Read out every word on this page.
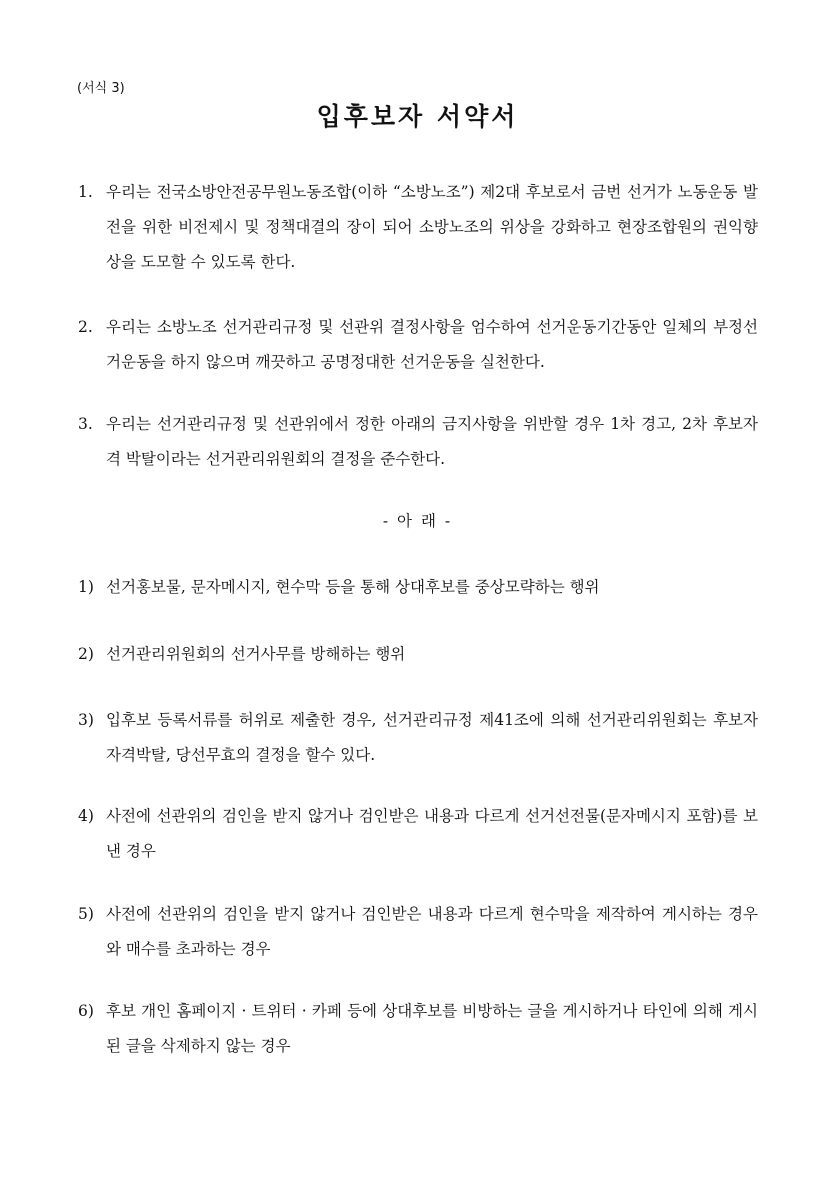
(서식 3)
입후보자 서약서

1. 우리는 전국소방안전공무원노동조합(이하 “소방노조”) 제2대 후보로서 금번 선거가 노동운동 발전을 위한 비전제시 및 정책대결의 장이 되어 소방노조의 위상을 강화하고 현장조합원의 권익향상을 도모할 수 있도록 한다.

2. 우리는 소방노조 선거관리규정 및 선관위 결정사항을 엄수하여 선거운동기간동안 일체의 부정선거운동을 하지 않으며 깨끗하고 공명정대한 선거운동을 실천한다.

3. 우리는 선거관리규정 및 선관위에서 정한 아래의 금지사항을 위반할 경우 1차 경고, 2차 후보자격 박탈이라는 선거관리위원회의 결정을 준수한다.

- 아 래 -

1) 선거홍보물, 문자메시지, 현수막 등을 통해 상대후보를 중상모략하는 행위

2) 선거관리위원회의 선거사무를 방해하는 행위

3) 입후보 등록서류를 허위로 제출한 경우, 선거관리규정 제41조에 의해 선거관리위원회는 후보자 자격박탈, 당선무효의 결정을 할수 있다.

4) 사전에 선관위의 검인을 받지 않거나 검인받은 내용과 다르게 선거선전물(문자메시지 포함)를 보낸 경우

5) 사전에 선관위의 검인을 받지 않거나 검인받은 내용과 다르게 현수막을 제작하여 게시하는 경우와 매수를 초과하는 경우

6) 후보 개인 홈페이지 · 트위터 · 카페 등에 상대후보를 비방하는 글을 게시하거나 타인에 의해 게시된 글을 삭제하지 않는 경우
